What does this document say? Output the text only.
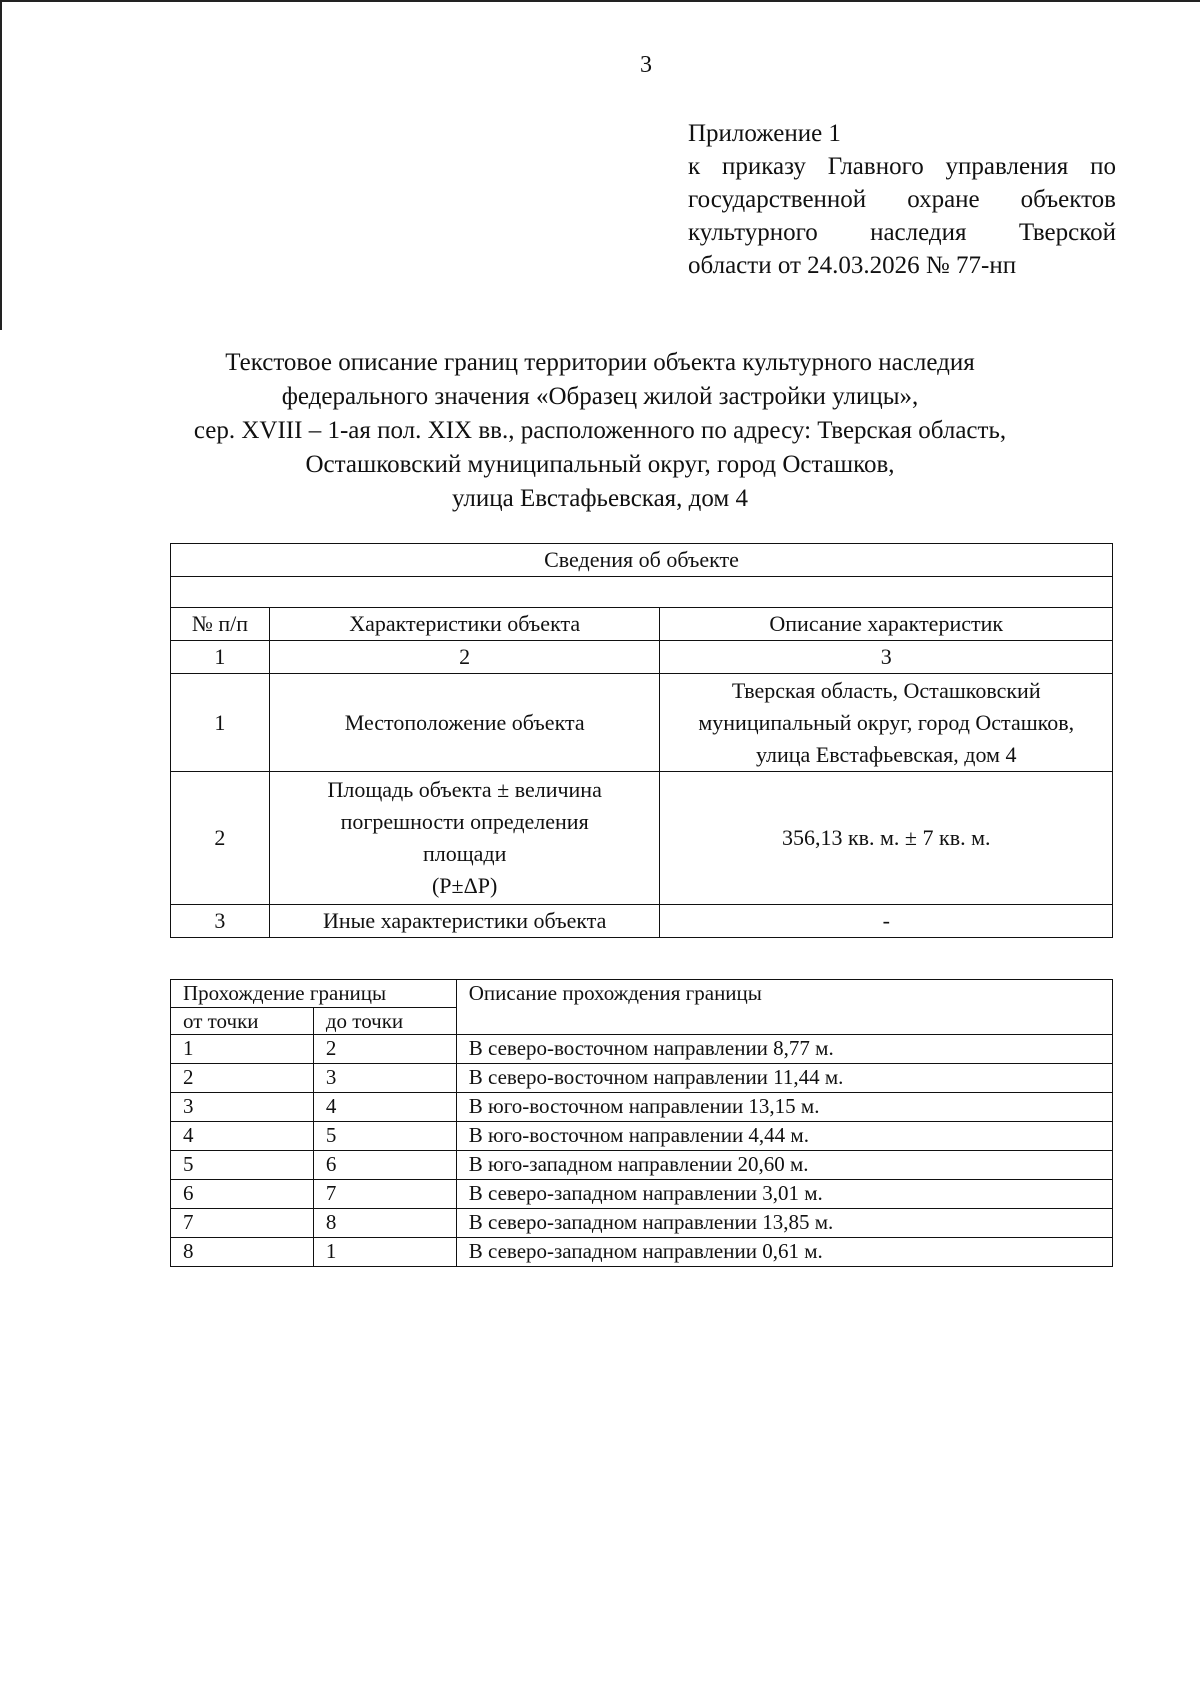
3
Приложение 1
к приказу Главного управления по
государственной охране объектов
культурного наследия Тверской
области от 24.03.2026 № 77-нп
Текстовое описание границ территории объекта культурного наследия
федерального значения «Образец жилой застройки улицы»,
сер. XVIII – 1-ая пол. XIX вв., расположенного по адресу: Тверская область,
Осташковский муниципальный округ, город Осташков,
улица Евстафьевская, дом 4
Сведения об объекте		

№ п/п	Характеристики объекта	Описание характеристик
1	2	3
1	Местоположение объекта	Тверская область, Осташковский
муниципальный округ, город Осташков,
улица Евстафьевская, дом 4

2	Площадь объекта ± величина
погрешности определения
площади
(P±ΔP)	356,13 кв. м. ± 7 кв. м.

3	Иные характеристики объекта	-
Прохождение границы		Описание прохождения границы
от точки	до точки	
1	2	В северо-восточном направлении 8,77 м.
2	3	В северо-восточном направлении 11,44 м.
3	4	В юго-восточном направлении 13,15 м.
4	5	В юго-восточном направлении 4,44 м.
5	6	В юго-западном направлении 20,60 м.
6	7	В северо-западном направлении 3,01 м.
7	8	В северо-западном направлении 13,85 м.
8	1	В северо-западном направлении 0,61 м.
